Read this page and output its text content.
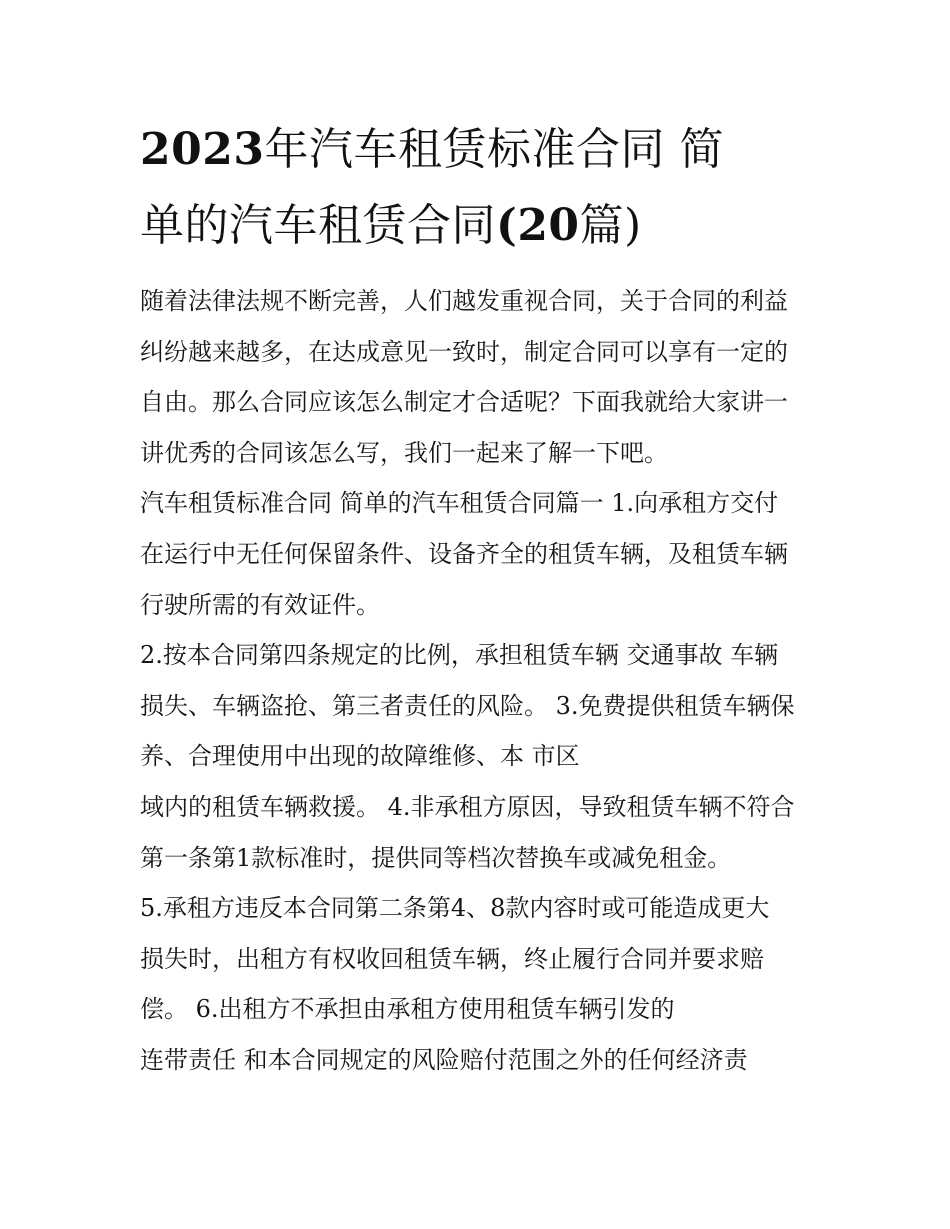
2023年汽车租赁标准合同 简
单的汽车租赁合同(20篇)
随着法律法规不断完善，人们越发重视合同，关于合同的利益
纠纷越来越多，在达成意见一致时，制定合同可以享有一定的
自由。那么合同应该怎么制定才合适呢？下面我就给大家讲一
讲优秀的合同该怎么写，我们一起来了解一下吧。
汽车租赁标准合同 简单的汽车租赁合同篇一 1.向承租方交付
在运行中无任何保留条件、设备齐全的租赁车辆，及租赁车辆
行驶所需的有效证件。
2.按本合同第四条规定的比例，承担租赁车辆 交通事故 车辆
损失、车辆盗抢、第三者责任的风险。 3.免费提供租赁车辆保
养、合理使用中出现的故障维修、本 市区
域内的租赁车辆救援。 4.非承租方原因，导致租赁车辆不符合
第一条第1款标准时，提供同等档次替换车或减免租金。
5.承租方违反本合同第二条第4、8款内容时或可能造成更大
损失时，出租方有权收回租赁车辆，终止履行合同并要求赔
偿。 6.出租方不承担由承租方使用租赁车辆引发的
连带责任 和本合同规定的风险赔付范围之外的任何经济责
